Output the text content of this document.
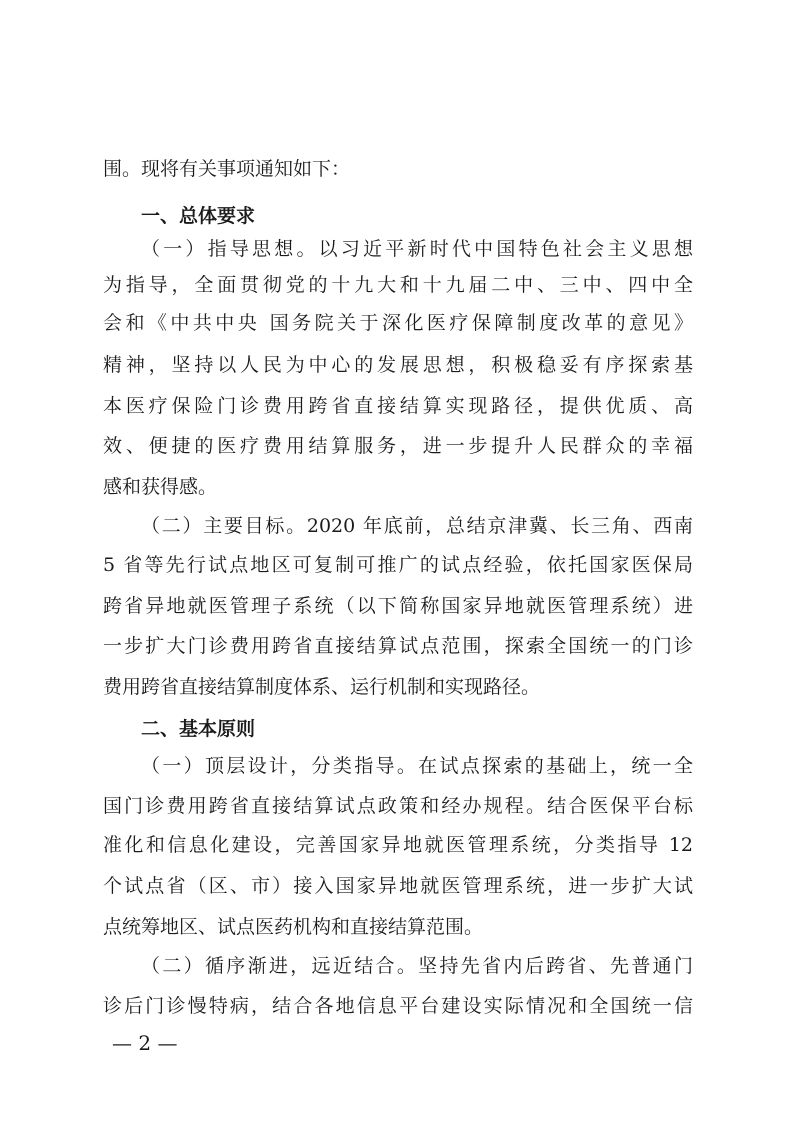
围。现将有关事项通知如下：
一、总体要求
（一）指导思想。以习近平新时代中国特色社会主义思想
为指导，全面贯彻党的十九大和十九届二中、三中、四中全
会和《中共中央 国务院关于深化医疗保障制度改革的意见》
精神，坚持以人民为中心的发展思想，积极稳妥有序探索基
本医疗保险门诊费用跨省直接结算实现路径，提供优质、高
效、便捷的医疗费用结算服务，进一步提升人民群众的幸福
感和获得感。
（二）主要目标。2020 年底前，总结京津冀、长三角、西南
5 省等先行试点地区可复制可推广的试点经验，依托国家医保局
跨省异地就医管理子系统（以下简称国家异地就医管理系统）进
一步扩大门诊费用跨省直接结算试点范围，探索全国统一的门诊
费用跨省直接结算制度体系、运行机制和实现路径。
二、基本原则
（一）顶层设计，分类指导。在试点探索的基础上，统一全
国门诊费用跨省直接结算试点政策和经办规程。结合医保平台标
准化和信息化建设，完善国家异地就医管理系统，分类指导 12
个试点省（区、市）接入国家异地就医管理系统，进一步扩大试
点统筹地区、试点医药机构和直接结算范围。
（二）循序渐进，远近结合。坚持先省内后跨省、先普通门
诊后门诊慢特病，结合各地信息平台建设实际情况和全国统一信
— 2 —
